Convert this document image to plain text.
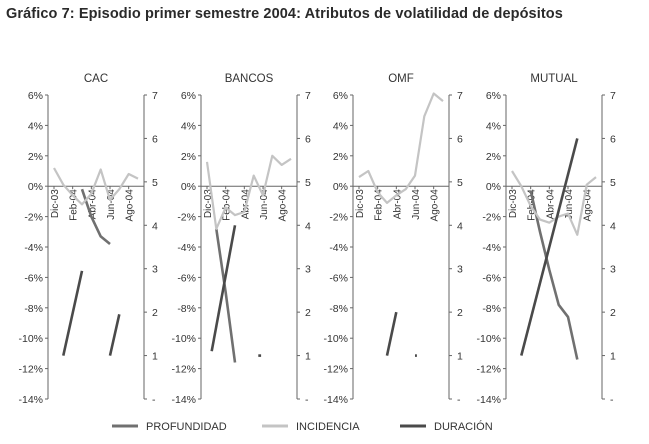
Gráfico 7: Episodio primer semestre 2004: Atributos de volatilidad de depósitos
CAC
6%
4%
2%
0%
-2%
-4%
-6%
-8%
-10%
-12%
-14%
7
6
5
4
3
2
1
-
Dic-03 Feb-04 Abr-04 Jun-04 Ago-04
BANCOS
6%
4%
2%
0%
-2%
-4%
-6%
-8%
-10%
-12%
-14%
7
6
5
4
3
2
1
-
Dic-03 Feb-04 Abr-04 Jun-04 Ago-04
OMF
6%
4%
2%
0%
-2%
-4%
-6%
-8%
-10%
-12%
-14%
7
6
5
4
3
2
1
-
Dic-03 Feb-04 Abr-04 Jun-04 Ago-04
MUTUAL
6%
4%
2%
0%
-2%
-4%
-6%
-8%
-10%
-12%
-14%
7
6
5
4
3
2
1
-
Dic-03 Feb-04 Abr-04 Jun-04 Ago-04
PROFUNDIDAD	INCIDENCIA	DURACIÓN
